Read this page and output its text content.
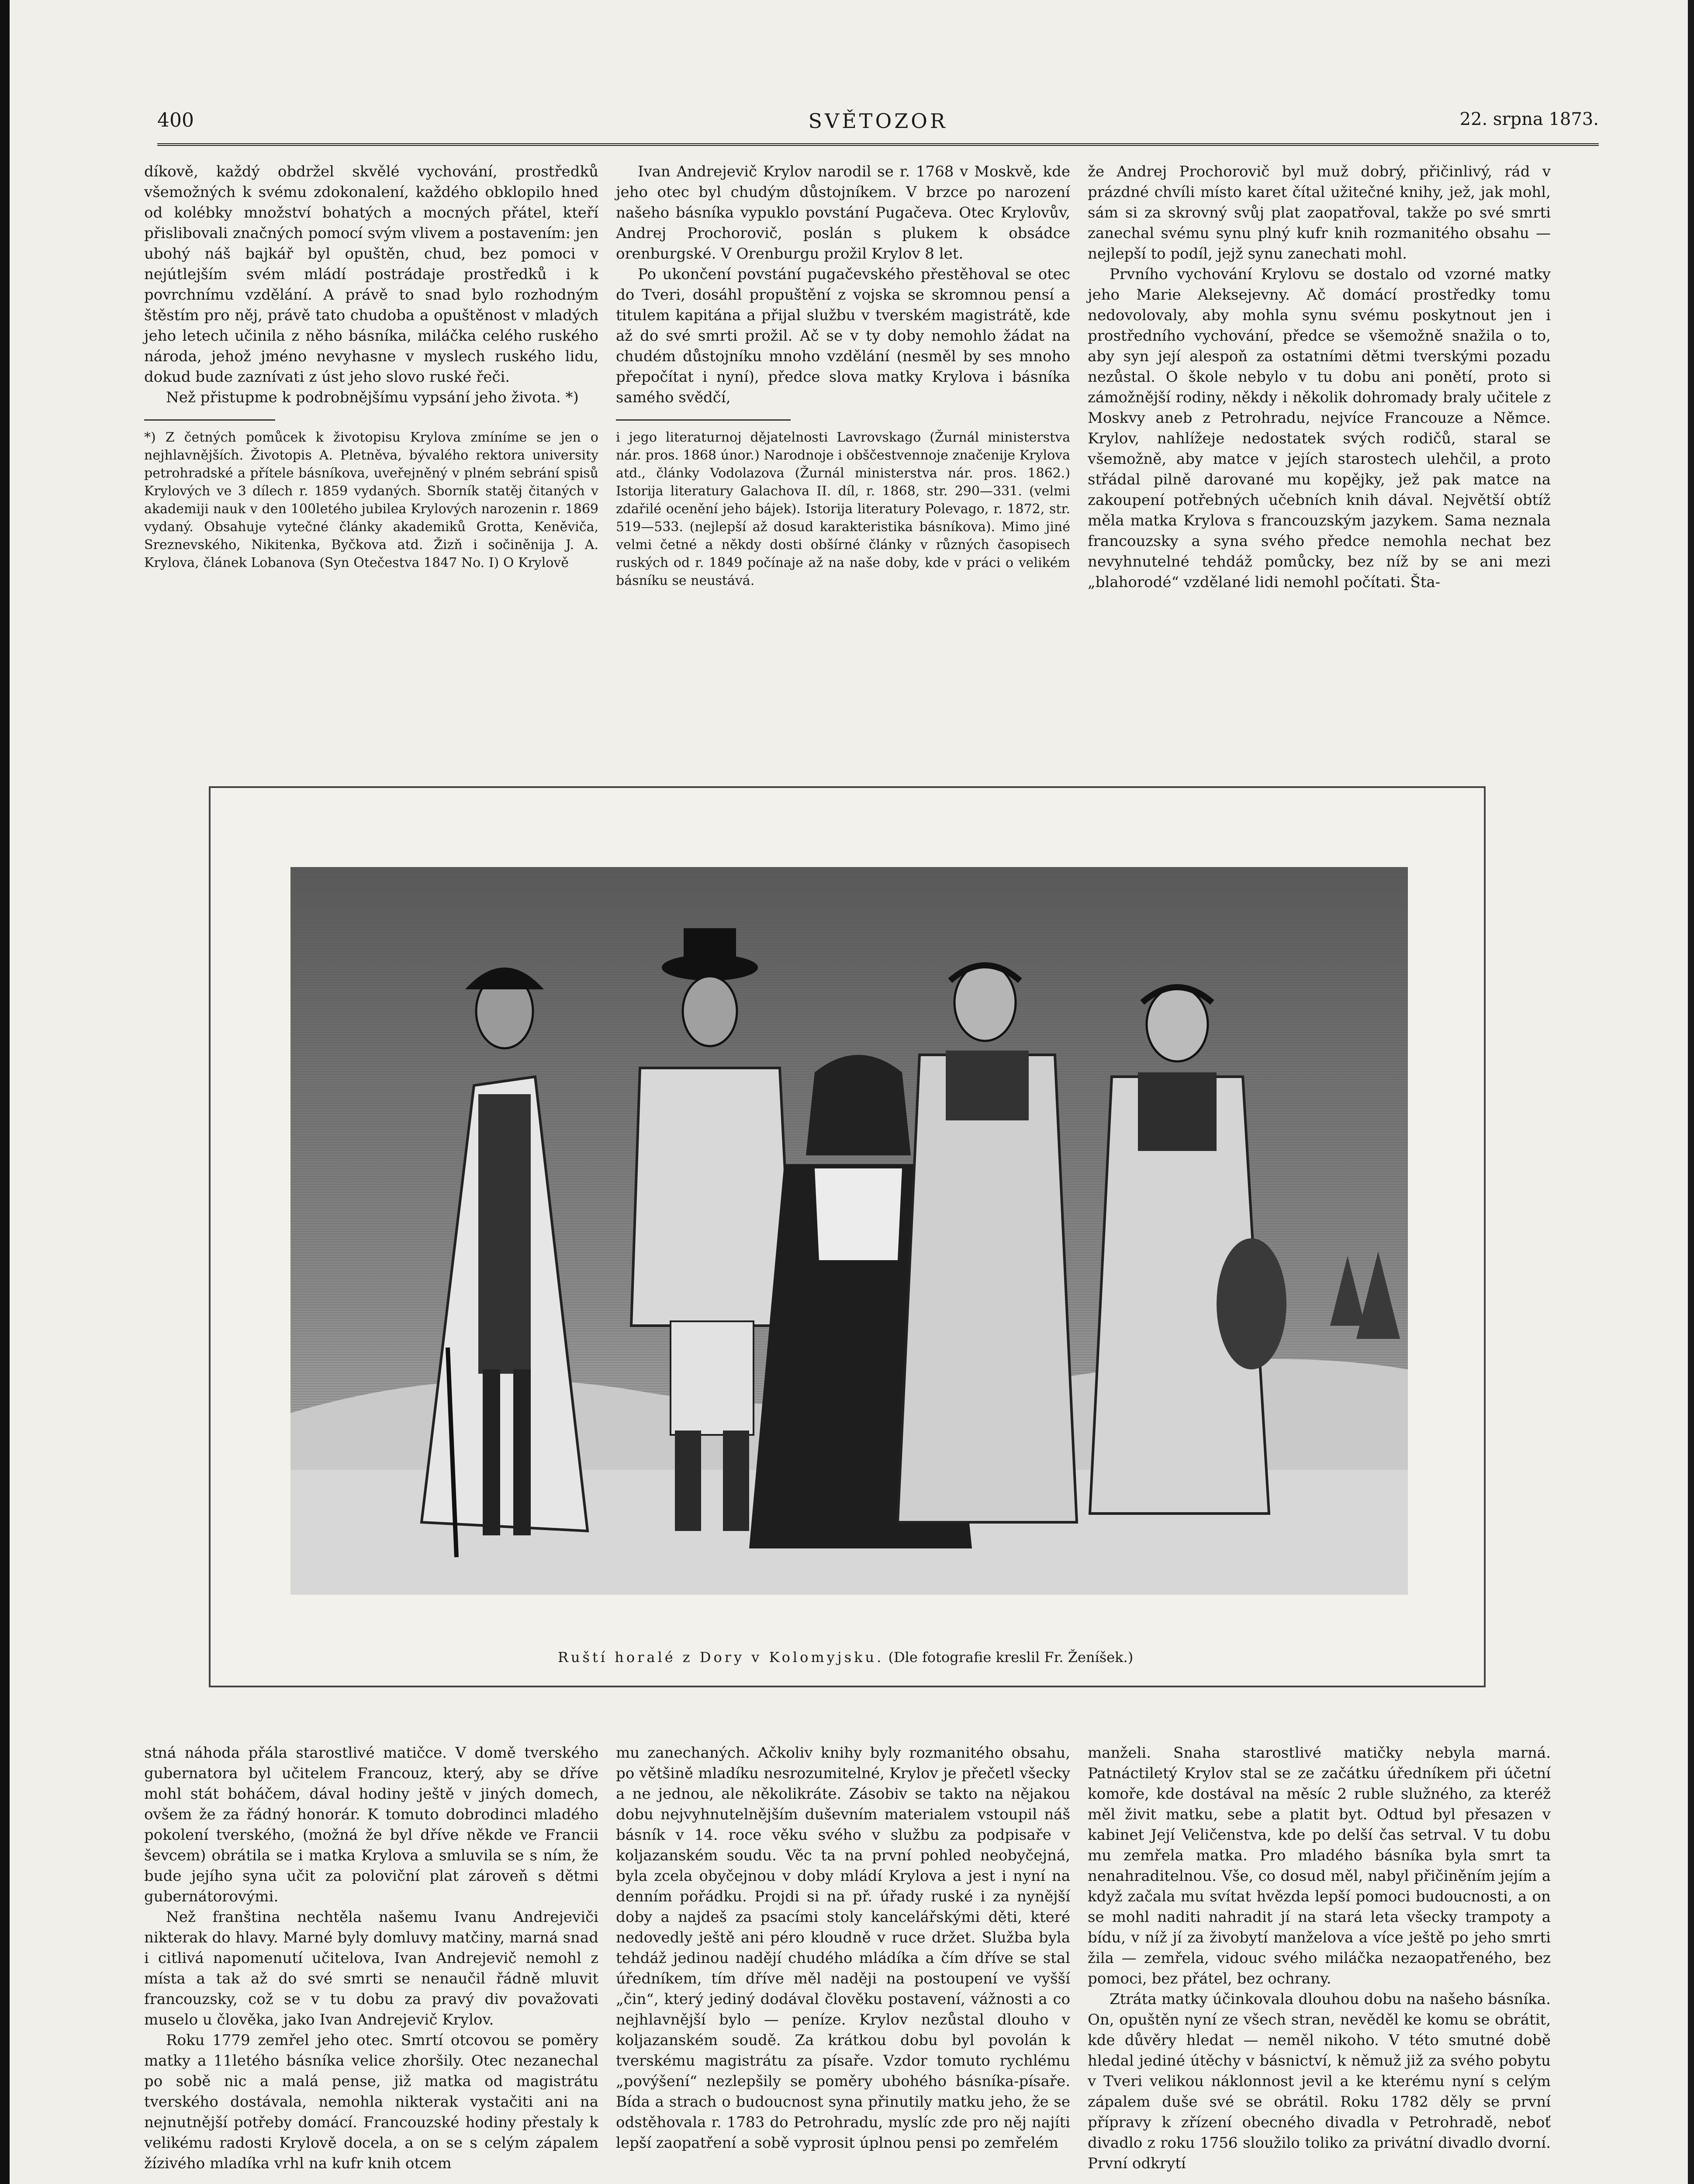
400	SVĚTOZOR	22. srpna 1873.

díkově, každý obdržel skvělé vychování, prostředků všemožných k svému zdokonalení, každého obklopilo hned od kolébky množství bohatých a mocných přátel, kteří přislibovali značných pomocí svým vlivem a postavením: jen ubohý náš bajkář byl opuštěn, chud, bez pomoci v nejútlejším svém mládí postrádaje prostředků i k povrchnímu vzdělání. A právě to snad bylo rozhodným štěstím pro něj, právě tato chudoba a opuštěnost v mladých jeho letech učinila z něho básníka, miláčka celého ruského národa, jehož jméno nevyhasne v myslech ruského lidu, dokud bude zaznívati z úst jeho slovo ruské řeči.

Než přistupme k podrobnějšímu vypsání jeho života. *)

*) Z četných pomůcek k životopisu Krylova zmíníme se jen o nejhlavnějších. Životopis A. Pletněva, bývalého rektora university petrohradské a přítele básníkova, uveřejněný v plném sebrání spisů Krylových ve 3 dílech r. 1859 vydaných. Sborník statěj čitaných v akademiji nauk v den 100letého jubilea Krylových narozenin r. 1869 vydaný. Obsahuje vytečné články akademiků Grotta, Keněviča, Sreznevského, Nikitenka, Byčkova atd. Žizň i sočiněnija J. A. Krylova, článek Lobanova (Syn Otečestva 1847 No. I) O Krylově

Ivan Andrejevič Krylov narodil se r. 1768 v Moskvě, kde jeho otec byl chudým důstojníkem. V brzce po narození našeho básníka vypuklo povstání Pugačeva. Otec Krylovův, Andrej Prochorovič, poslán s plukem k obsádce orenburgské. V Orenburgu prožil Krylov 8 let.

Po ukončení povstání pugačevského přestěhoval se otec do Tveri, dosáhl propuštění z vojska se skromnou pensí a titulem kapitána a přijal službu v tverském magistrátě, kde až do své smrti prožil. Ač se v ty doby nemohlo žádat na chudém důstojníku mnoho vzdělání (nesměl by ses mnoho přepočítat i nyní), předce slova matky Krylova i básníka samého svědčí,

i jego literaturnoj dějatelnosti Lavrovskago (Žurnál ministerstva nár. pros. 1868 únor.) Narodnoje i obščestvennoje značenije Krylova atd., články Vodolazova (Žurnál ministerstva nár. pros. 1862.) Istorija literatury Galachova II. díl, r. 1868, str. 290—331. (velmi zdařilé ocenění jeho bájek). Istorija literatury Polevago, r. 1872, str. 519—533. (nejlepší až dosud karakteristika básníkova). Mimo jiné velmi četné a někdy dosti obšírné články v různých časopisech ruských od r. 1849 počínaje až na naše doby, kde v práci o velikém básníku se neustává.

že Andrej Prochorovič byl muž dobrý, přičinlivý, rád v prázdné chvíli místo karet čítal užitečné knihy, jež, jak mohl, sám si za skrovný svůj plat zaopatřoval, takže po své smrti zanechal svému synu plný kufr knih rozmanitého obsahu — nejlepší to podíl, jejž synu zanechati mohl.

Prvního vychování Krylovu se dostalo od vzorné matky jeho Marie Aleksejevny. Ač domácí prostředky tomu nedovolovaly, aby mohla synu svému poskytnout jen i prostředního vychování, předce se všemožně snažila o to, aby syn její alespoň za ostatními dětmi tverskými pozadu nezůstal. O škole nebylo v tu dobu ani ponětí, proto si zámožnější rodiny, někdy i několik dohromady braly učitele z Moskvy aneb z Petrohradu, nejvíce Francouze a Němce. Krylov, nahlížeje nedostatek svých rodičů, staral se všemožně, aby matce v jejích starostech ulehčil, a proto střádal pilně darované mu kopějky, jež pak matce na zakoupení potřebných učebních knih dával. Největší obtíž měla matka Krylova s francouzským jazykem. Sama neznala francouzsky a syna svého předce nemohla nechat bez nevyhnutelné tehdáž pomůcky, bez níž by se ani mezi „blahorodé“ vzdělané lidi nemohl počítati. Šta-

Ruští horalé z Dory v Kolomyjsku. (Dle fotografie kreslil Fr. Ženíšek.)

stná náhoda přála starostlivé matičce. V domě tverského gubernatora byl učitelem Francouz, který, aby se dříve mohl stát boháčem, dával hodiny ještě v jiných domech, ovšem že za řádný honorár. K tomuto dobrodinci mladého pokolení tverského, (možná že byl dříve někde ve Francii ševcem) obrátila se i matka Krylova a smluvila se s ním, že bude jejího syna učit za poloviční plat zároveň s dětmi gubernátorovými.

Než franština nechtěla našemu Ivanu Andrejeviči nikterak do hlavy. Marné byly domluvy matčiny, marná snad i citlivá napomenutí učitelova, Ivan Andrejevič nemohl z místa a tak až do své smrti se nenaučil řádně mluvit francouzsky, což se v tu dobu za pravý div považovati muselo u člověka, jako Ivan Andrejevič Krylov.

Roku 1779 zemřel jeho otec. Smrtí otcovou se poměry matky a 11letého básníka velice zhoršily. Otec nezanechal po sobě nic a malá pense, již matka od magistrátu tverského dostávala, nemohla nikterak vystačiti ani na nejnutnější potřeby domácí. Francouzské hodiny přestaly k velikému radosti Krylově docela, a on se s celým zápalem žízivého mladíka vrhl na kufr knih otcem

mu zanechaných. Ačkoliv knihy byly rozmanitého obsahu, po většině mladíku nesrozumitelné, Krylov je přečetl všecky a ne jednou, ale několikráte. Zásobiv se takto na nějakou dobu nejvyhnutelnějším duševním materialem vstoupil náš básník v 14. roce věku svého v službu za podpisaře v koljazanském soudu. Věc ta na první pohled neobyčejná, byla zcela obyčejnou v doby mládí Krylova a jest i nyní na denním pořádku. Projdi si na př. úřady ruské i za nynější doby a najdeš za psacími stoly kancelářskými děti, které nedovedly ještě ani péro kloudně v ruce držet. Služba byla tehdáž jedinou nadějí chudého mládíka a čím dříve se stal úředníkem, tím dříve měl naději na postoupení ve vyšší „čin“, který jediný dodával člověku postavení, vážnosti a co nejhlavnější bylo — peníze. Krylov nezůstal dlouho v koljazanském soudě. Za krátkou dobu byl povolán k tverskému magistrátu za písaře. Vzdor tomuto rychlému „povýšení“ nezlepšily se poměry ubohého básníka-písaře. Bída a strach o budoucnost syna přinutily matku jeho, že se odstěhovala r. 1783 do Petrohradu, myslíc zde pro něj najíti lepší zaopatření a sobě vyprosit úplnou pensi po zemřelém

manželi. Snaha starostlivé matičky nebyla marná. Patnáctiletý Krylov stal se ze začátku úředníkem při účetní komoře, kde dostával na měsíc 2 ruble služného, za kteréž měl živit matku, sebe a platit byt. Odtud byl přesazen v kabinet Její Veličenstva, kde po delší čas setrval. V tu dobu mu zemřela matka. Pro mladého básníka byla smrt ta nenahraditelnou. Vše, co dosud měl, nabyl přičiněním jejím a když začala mu svítat hvězda lepší pomoci budoucnosti, a on se mohl naditi nahradit jí na stará leta všecky trampoty a bídu, v níž jí za živobytí manželova a více ještě po jeho smrti žila — zemřela, vidouc svého miláčka nezaopatřeného, bez pomoci, bez přátel, bez ochrany.

Ztráta matky účinkovala dlouhou dobu na našeho básníka. On, opuštěn nyní ze všech stran, nevěděl ke komu se obrátit, kde důvěry hledat — neměl nikoho. V této smutné době hledal jediné útěchy v básnictví, k němuž již za svého pobytu v Tveri velikou náklonnost jevil a ke kterému nyní s celým zápalem duše své se obrátil. Roku 1782 děly se první přípravy k zřízení obecného divadla v Petrohradě, neboť divadlo z roku 1756 sloužilo toliko za privátní divadlo dvorní. První odkrytí
